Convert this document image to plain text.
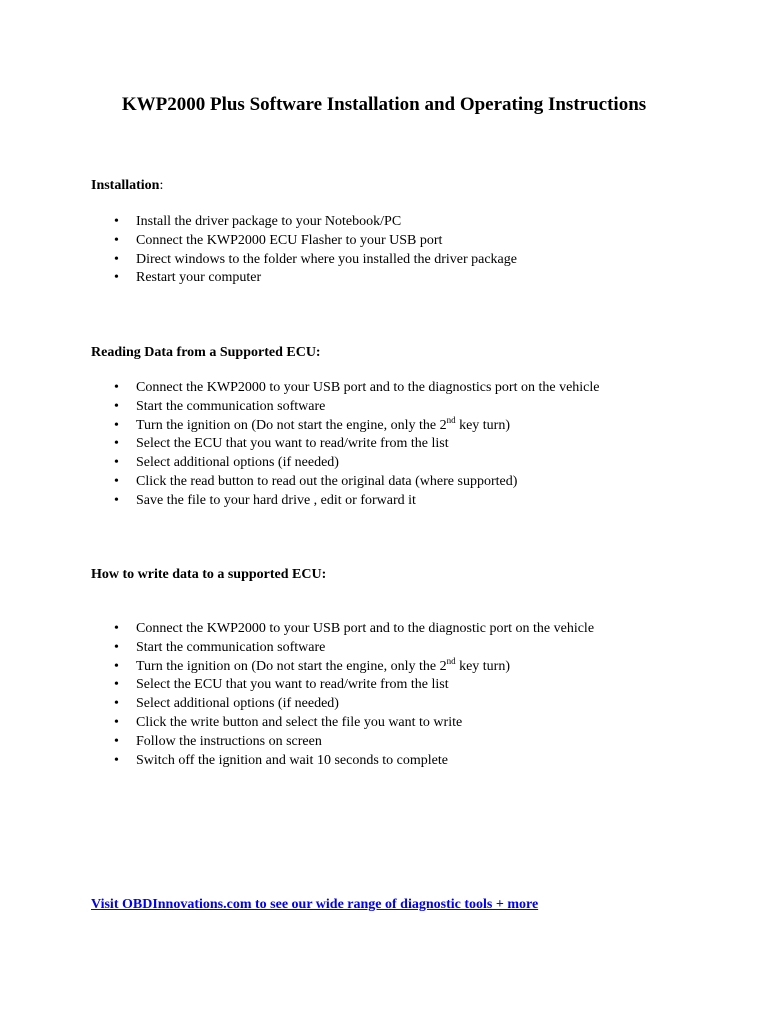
KWP2000 Plus Software Installation and Operating Instructions

Installation:

• Install the driver package to your Notebook/PC
• Connect the KWP2000 ECU Flasher to your USB port
• Direct windows to the folder where you installed the driver package
• Restart your computer

Reading Data from a Supported ECU:

• Connect the KWP2000 to your USB port and to the diagnostics port on the vehicle
• Start the communication software
• Turn the ignition on (Do not start the engine, only the 2nd key turn)
• Select the ECU that you want to read/write from the list
• Select additional options (if needed)
• Click the read button to read out the original data (where supported)
• Save the file to your hard drive , edit or forward it

How to write data to a supported ECU:

• Connect the KWP2000 to your USB port and to the diagnostic port on the vehicle
• Start the communication software
• Turn the ignition on (Do not start the engine, only the 2nd key turn)
• Select the ECU that you want to read/write from the list
• Select additional options (if needed)
• Click the write button and select the file you want to write
• Follow the instructions on screen
• Switch off the ignition and wait 10 seconds to complete
Visit OBDInnovations.com to see our wide range of diagnostic tools + more
